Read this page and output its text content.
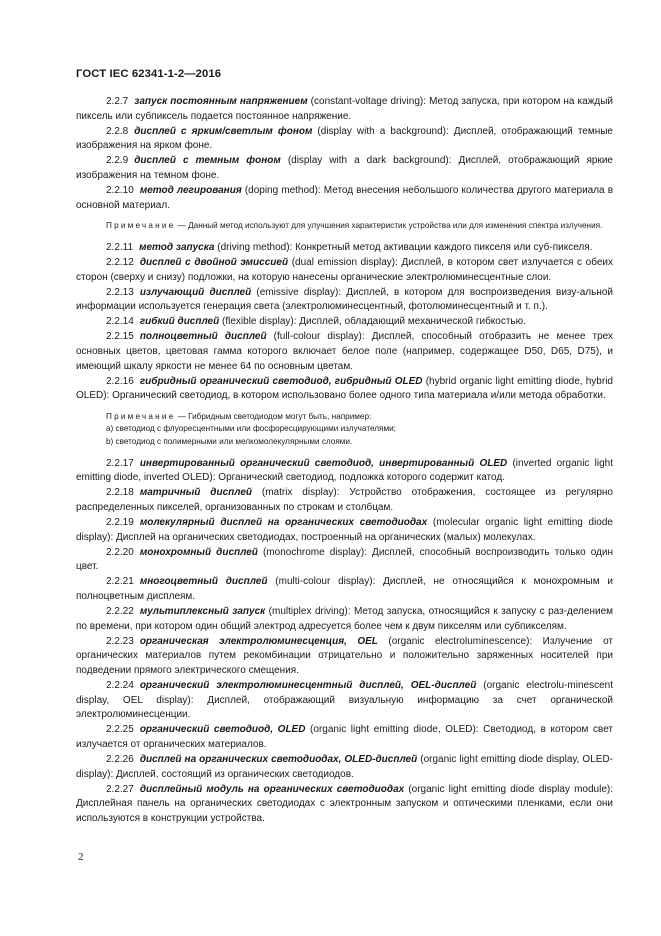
ГОСТ IEC 62341-1-2—2016

2.2.7 запуск постоянным напряжением (constant-voltage driving): Метод запуска, при котором на каждый пиксель или субпиксель подается постоянное напряжение.

2.2.8 дисплей с ярким/светлым фоном (display with a background): Дисплей, отображающий темные изображения на ярком фоне.

2.2.9 дисплей с темным фоном (display with a dark background): Дисплей, отображающий яркие изображения на темном фоне.

2.2.10 метод легирования (doping method): Метод внесения небольшого количества другого материала в основной материал.

Примечание — Данный метод используют для улучшения характеристик устройства или для изменения спектра излучения.

2.2.11 метод запуска (driving method): Конкретный метод активации каждого пикселя или суб-пикселя.

2.2.12 дисплей с двойной эмиссией (dual emission display): Дисплей, в котором свет излучается с обеих сторон (сверху и снизу) подложки, на которую нанесены органические электролюминесцентные слои.

2.2.13 излучающий дисплей (emissive display): Дисплей, в котором для воспроизведения визу-альной информации используется генерация света (электролюминесцентный, фотолюминесцентный и т. п.).

2.2.14 гибкий дисплей (flexible display): Дисплей, обладающий механической гибкостью.

2.2.15 полноцветный дисплей (full-colour display): Дисплей, способный отобразить не менее трех основных цветов, цветовая гамма которого включает белое поле (например, содержащее D50, D65, D75), и имеющий шкалу яркости не менее 64 по основным цветам.

2.2.16 гибридный органический светодиод, гибридный OLED (hybrid organic light emitting diode, hybrid OLED): Органический светодиод, в котором использовано более одного типа материала и/или метода обработки.

Примечание — Гибридным светодиодом могут быть, например:

а) светодиод с флуоресцентными или фосфоресцирующими излучателями;

b) светодиод с полимерными или мелкомолекулярными слоями.

2.2.17 инвертированный органический светодиод, инвертированный OLED (inverted organic light emitting diode, inverted OLED): Органический светодиод, подложка которого содержит катод.

2.2.18 матричный дисплей (matrix display): Устройство отображения, состоящее из регулярно распределенных пикселей, организованных по строкам и столбцам.

2.2.19 молекулярный дисплей на органических светодиодах (molecular organic light emitting diode display): Дисплей на органических светодиодах, построенный на органических (малых) молекулах.

2.2.20 монохромный дисплей (monochrome display): Дисплей, способный воспроизводить только один цвет.

2.2.21 многоцветный дисплей (multi-colour display): Дисплей, не относящийся к монохромным и полноцветным дисплеям.

2.2.22 мультиплексный запуск (multiplex driving): Метод запуска, относящийся к запуску с раз-делением по времени, при котором один общий электрод адресуется более чем к двум пикселям или субпикселям.

2.2.23 органическая электролюминесценция, OEL (organic electroluminescence): Излучение от органических материалов путем рекомбинации отрицательно и положительно заряженных носителей при подведении прямого электрического смещения.

2.2.24 органический электролюминесцентный дисплей, OEL-дисплей (organic electrolu-minescent display, OEL display): Дисплей, отображающий визуальную информацию за счет органической электролюминесценции.

2.2.25 органический светодиод, OLED (organic light emitting diode, OLED): Светодиод, в котором свет излучается от органических материалов.

2.2.26 дисплей на органических светодиодах, OLED-дисплей (organic light emitting diode display, OLED-display): Дисплей, состоящий из органических светодиодов.

2.2.27 дисплейный модуль на органических светодиодах (organic light emitting diode display module): Дисплейная панель на органических светодиодах с электронным запуском и оптическими пленками, если они используются в конструкции устройства.

2
